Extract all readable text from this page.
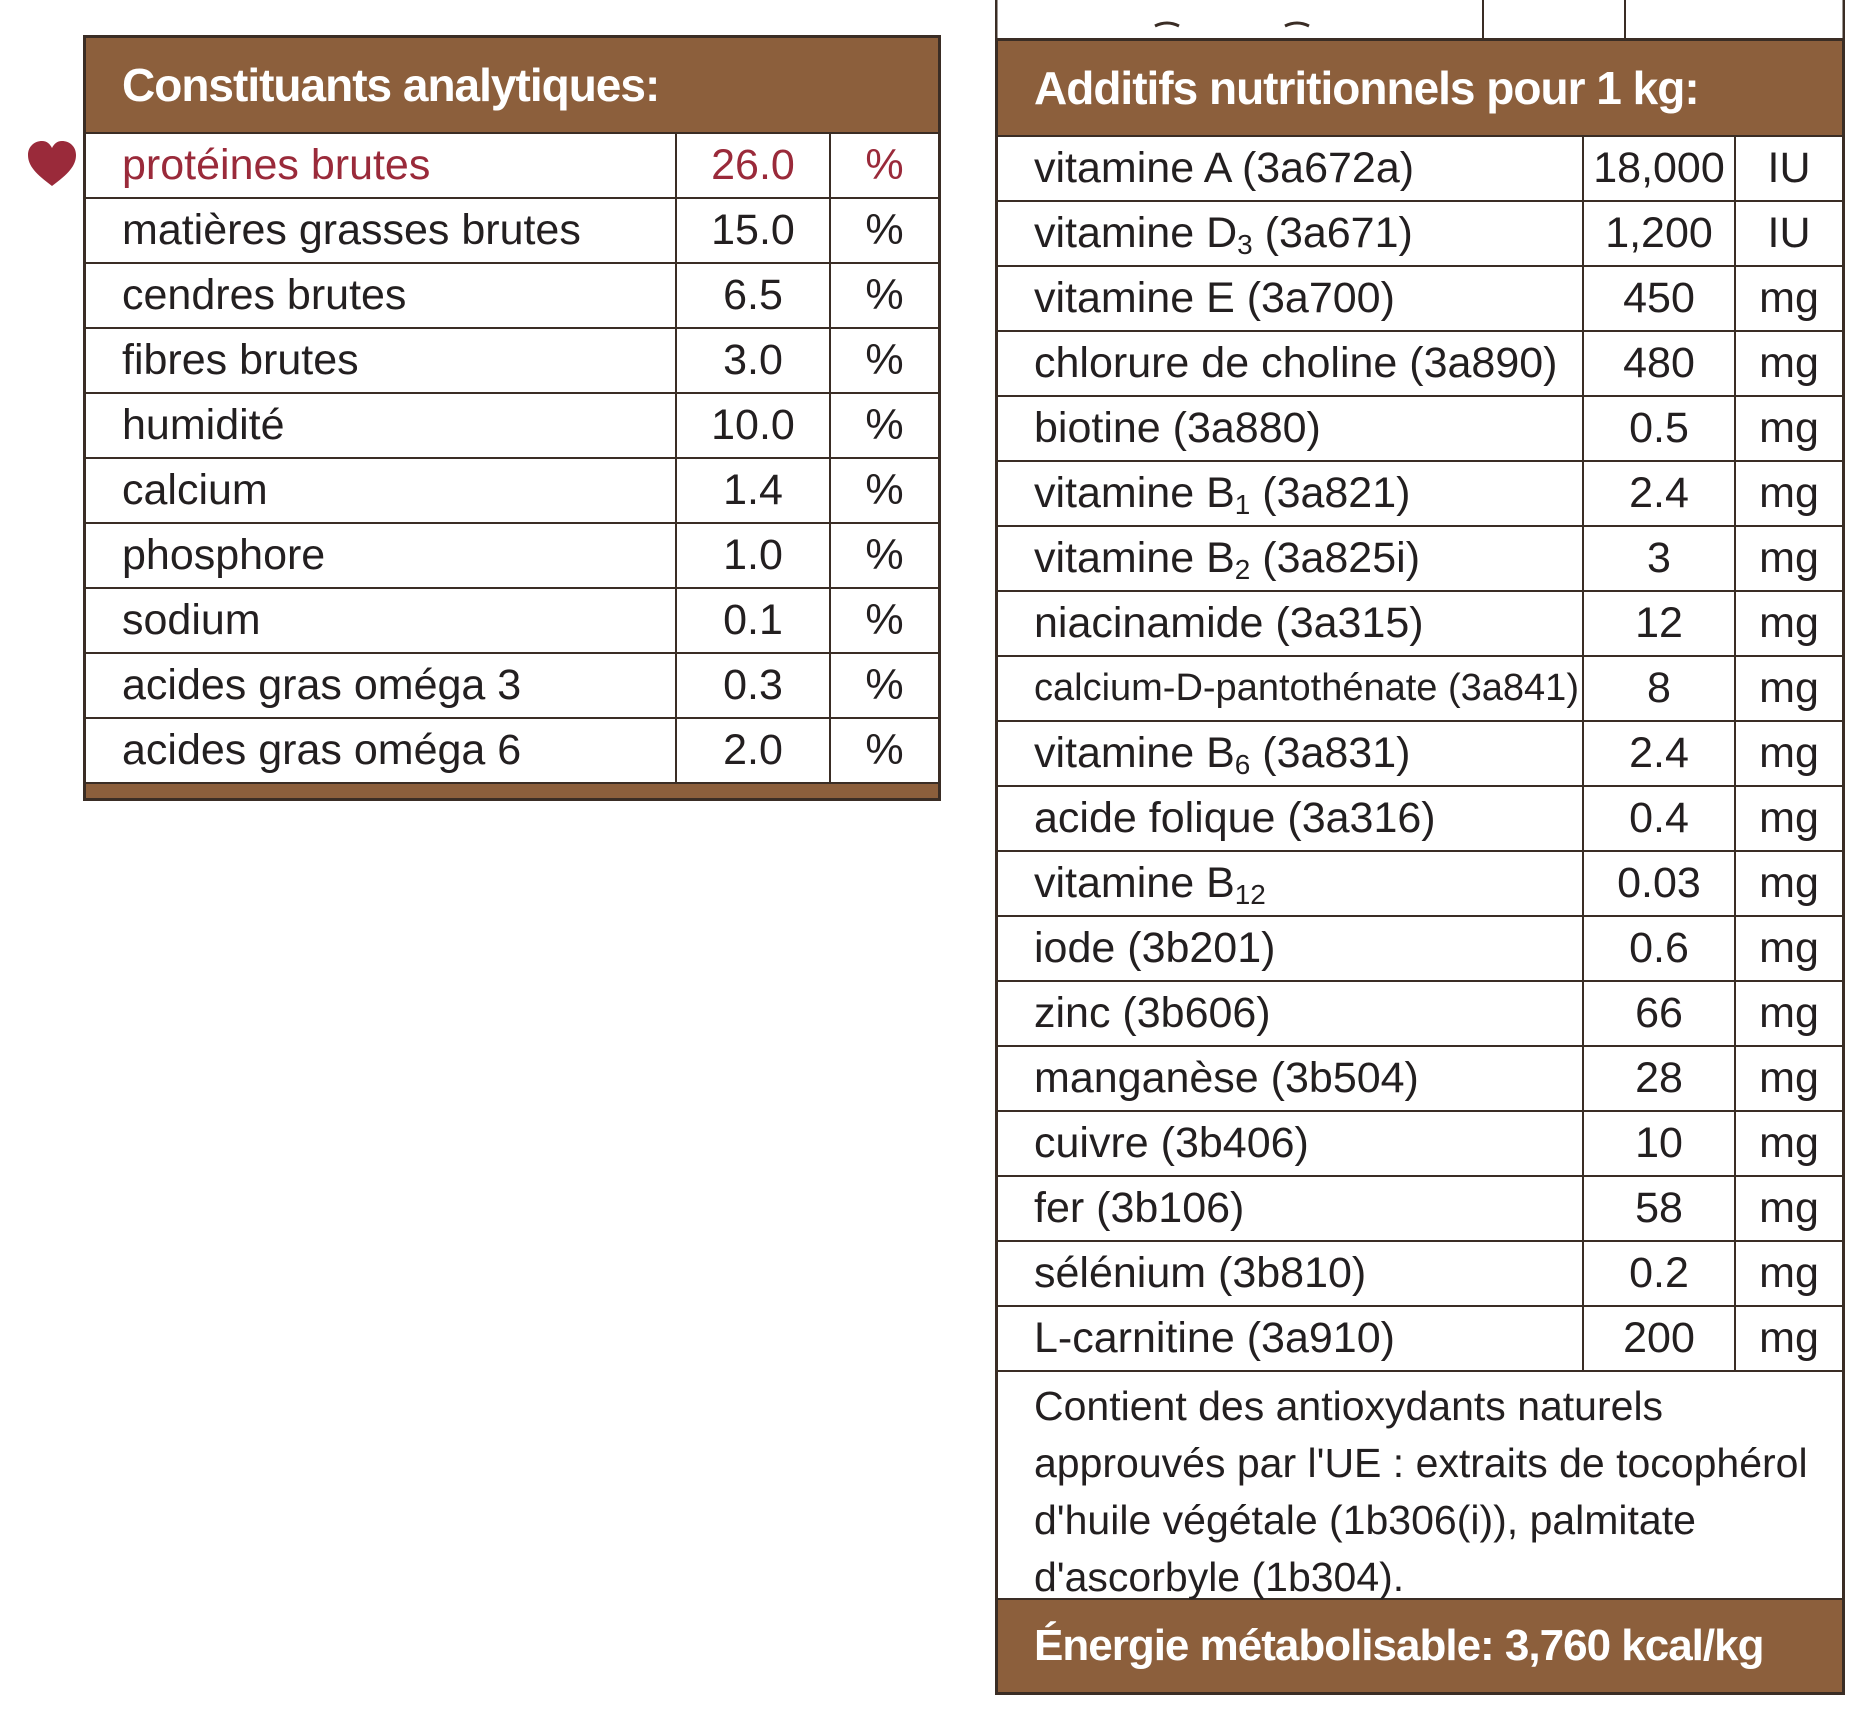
Constituants analytiques:
protéines brutes	26.0	%
matières grasses brutes	15.0	%
cendres brutes	6.5	%
fibres brutes	3.0	%
humidité	10.0	%
calcium	1.4	%
phosphore	1.0	%
sodium	0.1	%
acides gras oméga 3	0.3	%
acides gras oméga 6	2.0	%
Additifs nutritionnels pour 1 kg:
vitamine A (3a672a)	18,000	IU
vitamine $D_3$ (3a671)	1,200	IU
vitamine E (3a700)	450	mg
chlorure de choline (3a890)	480	mg
biotine (3a880)	0.5	mg
vitamine $B_1$ (3a821)	2.4	mg
vitamine $B_2$ (3a825i)	3	mg
niacinamide (3a315)	12	mg
calcium-D-pantothénate (3a841)	8	mg
vitamine $B_6$ (3a831)	2.4	mg
acide folique (3a316)	0.4	mg
vitamine $B_{12}$	0.03	mg
iode (3b201)	0.6	mg
zinc (3b606)	66	mg
manganèse (3b504)	28	mg
cuivre (3b406)	10	mg
fer (3b106)	58	mg
sélénium (3b810)	0.2	mg
L-carnitine (3a910)	200	mg
Contient des antioxydants naturels approuvés par l'UE : extraits de tocophérol d'huile végétale (1b306(i)), palmitate d'ascorbyle (1b304).
Énergie métabolisable: 3,760 kcal/kg
